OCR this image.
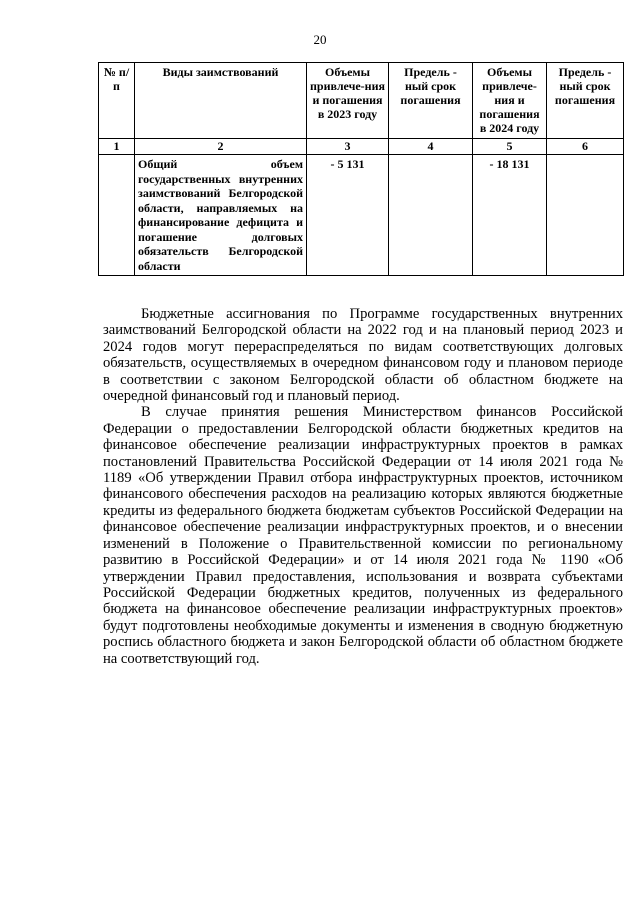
20
№ п/п	Виды заимствований	Объемы привлече-ния и погашения в 2023 году	Предель - ный срок погашения	Объемы привлече-ния и погашения в 2024 году	Предель - ный срок погашения
1	2	3	4	5	6
	Общий объем государственных внутренних заимствований Белгородской области, направляемых на финансирование дефицита и погашение долговых обязательств Белгородской области	- 5 131		- 18 131	

Бюджетные ассигнования по Программе государственных внутренних заимствований Белгородской области на 2022 год и на плановый период 2023 и 2024 годов могут перераспределяться по видам соответствующих долговых обязательств, осуществляемых в очередном финансовом году и плановом периоде в соответствии с законом Белгородской области об областном бюджете на очередной финансовый год и плановый период.

В случае принятия решения Министерством финансов Российской Федерации о предоставлении Белгородской области бюджетных кредитов на финансовое обеспечение реализации инфраструктурных проектов в рамках постановлений Правительства Российской Федерации от 14 июля 2021 года № 1189 «Об утверждении Правил отбора инфраструктурных проектов, источником финансового обеспечения расходов на реализацию которых являются бюджетные кредиты из федерального бюджета бюджетам субъектов Российской Федерации на финансовое обеспечение реализации инфраструктурных проектов, и о внесении изменений в Положение о Правительственной комиссии по региональному развитию в Российской Федерации» и от 14 июля 2021 года № 1190 «Об утверждении Правил предоставления, использования и возврата субъектами Российской Федерации бюджетных кредитов, полученных из федерального бюджета на финансовое обеспечение реализации инфраструктурных проектов» будут подготовлены необходимые документы и изменения в сводную бюджетную роспись областного бюджета и закон Белгородской области об областном бюджете на соответствующий год.
